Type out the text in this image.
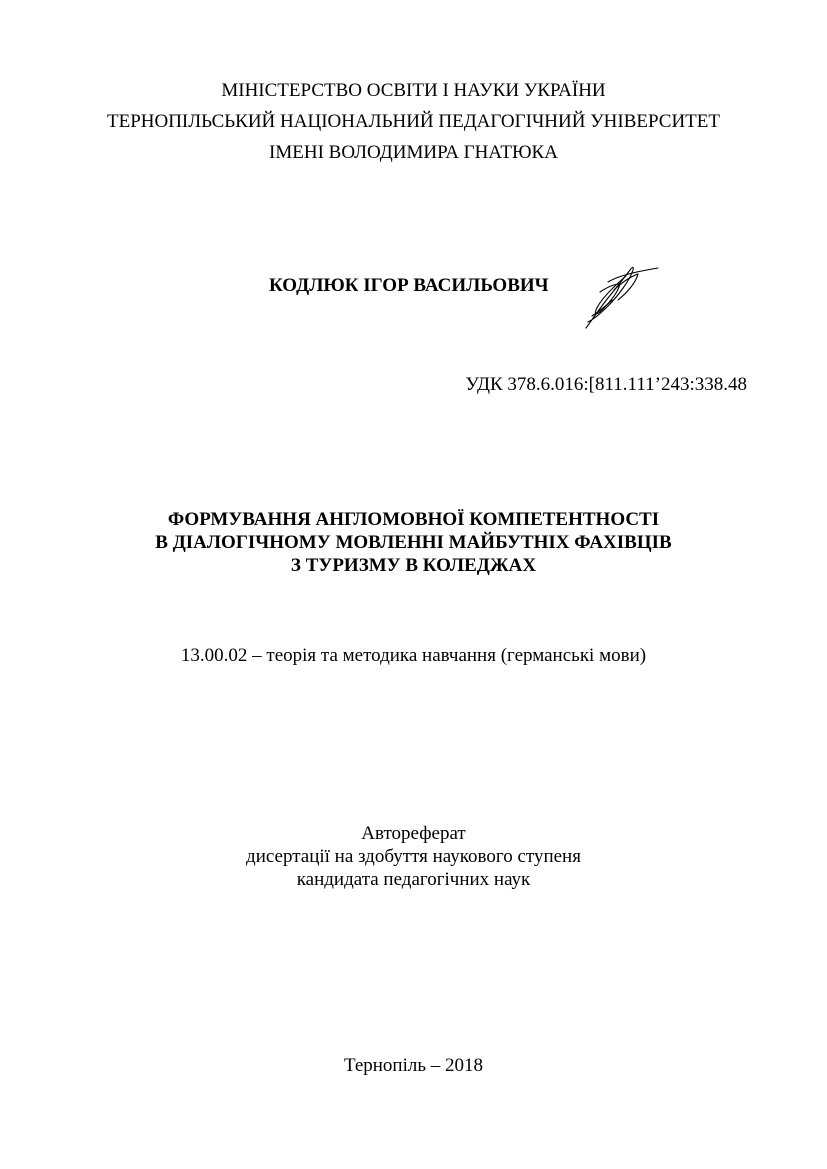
МІНІСТЕРСТВО ОСВІТИ І НАУКИ УКРАЇНИ
ТЕРНОПІЛЬСЬКИЙ НАЦІОНАЛЬНИЙ ПЕДАГОГІЧНИЙ УНІВЕРСИТЕТ
ІМЕНІ ВОЛОДИМИРА ГНАТЮКА
КОДЛЮК ІГОР ВАСИЛЬОВИЧ
УДК 378.6.016:[811.111’243:338.48
ФОРМУВАННЯ АНГЛОМОВНОЇ КОМПЕТЕНТНОСТІ
В ДІАЛОГІЧНОМУ МОВЛЕННІ МАЙБУТНІХ ФАХІВЦІВ
З ТУРИЗМУ В КОЛЕДЖАХ
13.00.02 – теорія та методика навчання (германські мови)
Автореферат
дисертації на здобуття наукового ступеня
кандидата педагогічних наук
Тернопіль – 2018
